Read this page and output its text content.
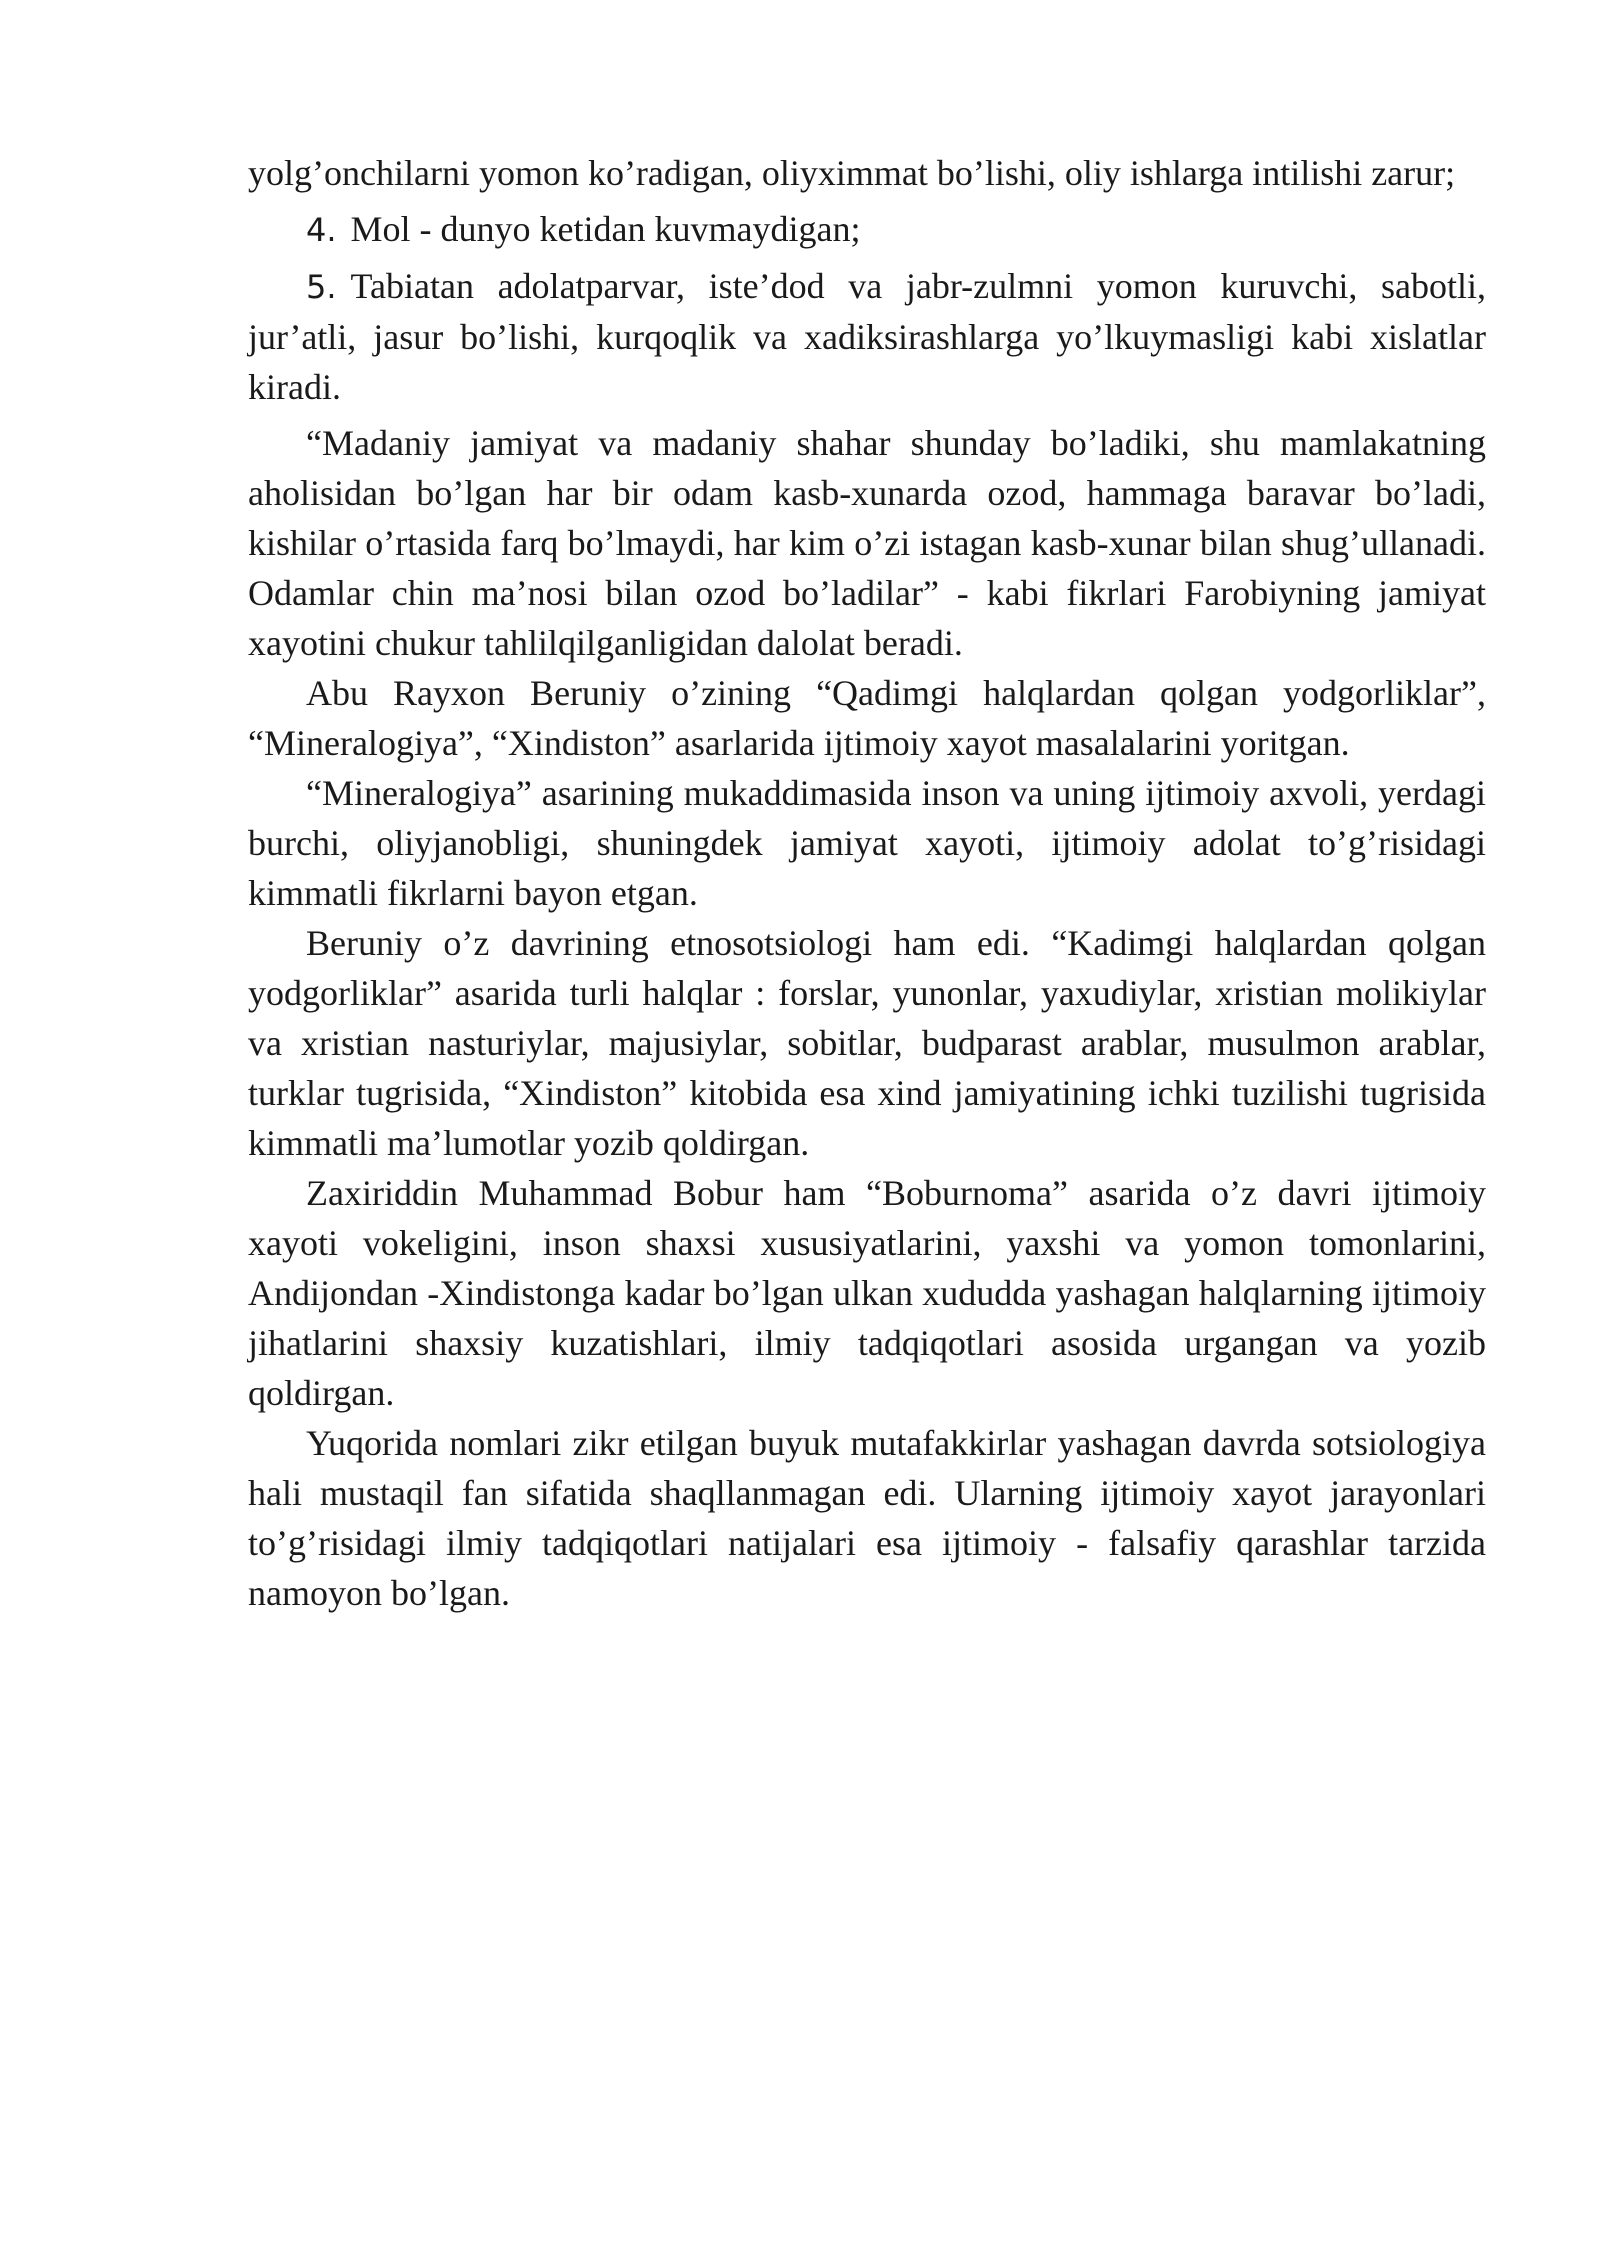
yolg’onchilarni yomon ko’radigan, oliyximmat bo’lishi, oliy ishlarga intilishi zarur;

4. Mol - dunyo ketidan kuvmaydigan;

5. Tabiatan adolatparvar, iste’dod va jabr-zulmni yomon kuruvchi, sabotli, jur’atli, jasur bo’lishi, kurqoqlik va xadiksirashlarga yo’lkuymasligi kabi xislatlar kiradi.

“Madaniy jamiyat va madaniy shahar shunday bo’ladiki, shu mamlakatning aholisidan bo’lgan har bir odam kasb-xunarda ozod, hammaga baravar bo’ladi, kishilar o’rtasida farq bo’lmaydi, har kim o’zi istagan kasb-xunar bilan shug’ullanadi. Odamlar chin ma’nosi bilan ozod bo’ladilar” - kabi fikrlari Farobiyning jamiyat xayotini chukur tahlilqilganligidan dalolat beradi.

Abu Rayxon Beruniy o’zining “Qadimgi halqlardan qolgan yodgorliklar”, “Mineralogiya”, “Xindiston” asarlarida ijtimoiy xayot masalalarini yoritgan.

“Mineralogiya” asarining mukaddimasida inson va uning ijtimoiy axvoli, yerdagi burchi, oliyjanobligi, shuningdek jamiyat xayoti, ijtimoiy adolat to’g’risidagi kimmatli fikrlarni bayon etgan.

Beruniy o’z davrining etnosotsiologi ham edi. “Kadimgi halqlardan qolgan yodgorliklar” asarida turli halqlar : forslar, yunonlar, yaxudiylar, xristian molikiylar va xristian nasturiylar, majusiylar, sobitlar, budparast arablar, musulmon arablar, turklar tugrisida, “Xindiston” kitobida esa xind jamiyatining ichki tuzilishi tugrisida kimmatli ma’lumotlar yozib qoldirgan.

Zaxiriddin Muhammad Bobur ham “Boburnoma” asarida o’z davri ijtimoiy xayoti vokeligini, inson shaxsi xususiyatlarini, yaxshi va yomon tomonlarini, Andijondan -Xindistonga kadar bo’lgan ulkan xududda yashagan halqlarning ijtimoiy jihatlarini shaxsiy kuzatishlari, ilmiy tadqiqotlari asosida urgangan va yozib qoldirgan.

Yuqorida nomlari zikr etilgan buyuk mutafakkirlar yashagan davrda sotsiologiya hali mustaqil fan sifatida shaqllanmagan edi. Ularning ijtimoiy xayot jarayonlari to’g’risidagi ilmiy tadqiqotlari natijalari esa ijtimoiy - falsafiy qarashlar tarzida namoyon bo’lgan.
